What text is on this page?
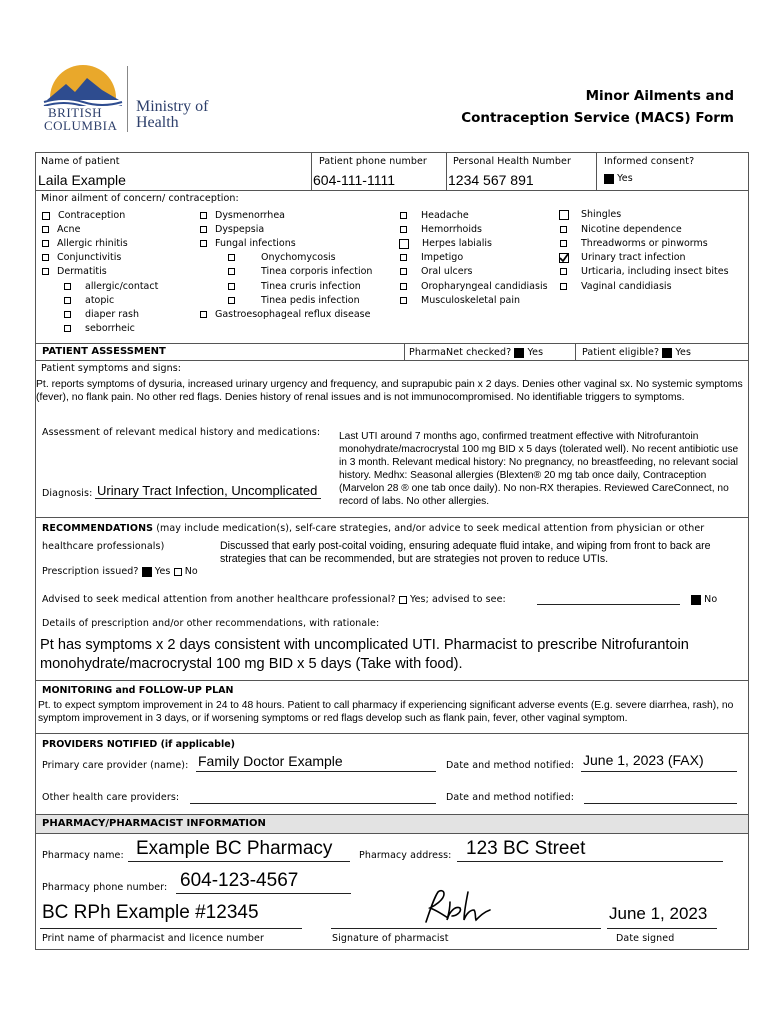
BRITISH
COLUMBIA
Ministry of
Health
Minor Ailments and
Contraception Service (MACS) Form
Name of patient
Laila Example
Patient phone number
604-111-1111
Personal Health Number
1234 567 891
Informed consent?
Yes
Minor ailment of concern/ contraception:
Contraception
Acne
Allergic rhinitis
Conjunctivitis
Dermatitis
allergic/contact
atopic
diaper rash
seborrheic
Dysmenorrhea
Dyspepsia
Fungal infections
Onychomycosis
Tinea corporis infection
Tinea cruris infection
Tinea pedis infection
Gastroesophageal reflux disease
Headache
Hemorrhoids
Herpes labialis
Impetigo
Oral ulcers
Oropharyngeal candidiasis
Musculoskeletal pain
Shingles
Nicotine dependence
Threadworms or pinworms
Urinary tract infection
Urticaria, including insect bites
Vaginal candidiasis
PATIENT ASSESSMENT	PharmaNet checked? Yes	Patient eligible? Yes
Patient symptoms and signs:
Pt. reports symptoms of dysuria, increased urinary urgency and frequency, and suprapubic pain x 2 days. Denies other vaginal sx. No systemic symptoms (fever), no flank pain. No other red flags. Denies history of renal issues and is not immunocompromised. No identifiable triggers to symptoms.
Assessment of relevant medical history and medications: Last UTI around 7 months ago, confirmed treatment effective with Nitrofurantoin monohydrate/macrocrystal 100 mg BID x 5 days (tolerated well). No recent antibiotic use in 3 month. Relevant medical history: No pregnancy, no breastfeeding, no relevant social history. Medhx: Seasonal allergies (Blexten® 20 mg tab once daily, Contraception (Marvelon 28 ® one tab once daily). No non-RX therapies. Reviewed CareConnect, no record of labs. No other allergies.
Diagnosis: Urinary Tract Infection, Uncomplicated
RECOMMENDATIONS (may include medication(s), self-care strategies, and/or advice to seek medical attention from physician or other
healthcare professionals)	Discussed that early post-coital voiding, ensuring adequate fluid intake, and wiping from front to back are strategies that can be recommended, but are strategies not proven to reduce UTIs.
Prescription issued? Yes No
Advised to seek medical attention from another healthcare professional? Yes; advised to see:	No
Details of prescription and/or other recommendations, with rationale:
Pt has symptoms x 2 days consistent with uncomplicated UTI. Pharmacist to prescribe Nitrofurantoin monohydrate/macrocrystal 100 mg BID x 5 days (Take with food).
MONITORING and FOLLOW-UP PLAN
Pt. to expect symptom improvement in 24 to 48 hours. Patient to call pharmacy if experiencing significant adverse events (E.g. severe diarrhea, rash), no symptom improvement in 3 days, or if worsening symptoms or red flags develop such as flank pain, fever, other vaginal symptom.
PROVIDERS NOTIFIED (if applicable)
Primary care provider (name): Family Doctor Example	Date and method notified: June 1, 2023 (FAX)
Other health care providers:	Date and method notified:
PHARMACY/PHARMACIST INFORMATION
Pharmacy name: Example BC Pharmacy	Pharmacy address: 123 BC Street
Pharmacy phone number: 604-123-4567
BC RPh Example #12345
Print name of pharmacist and licence number	Signature of pharmacist
June 1, 2023
Date signed
